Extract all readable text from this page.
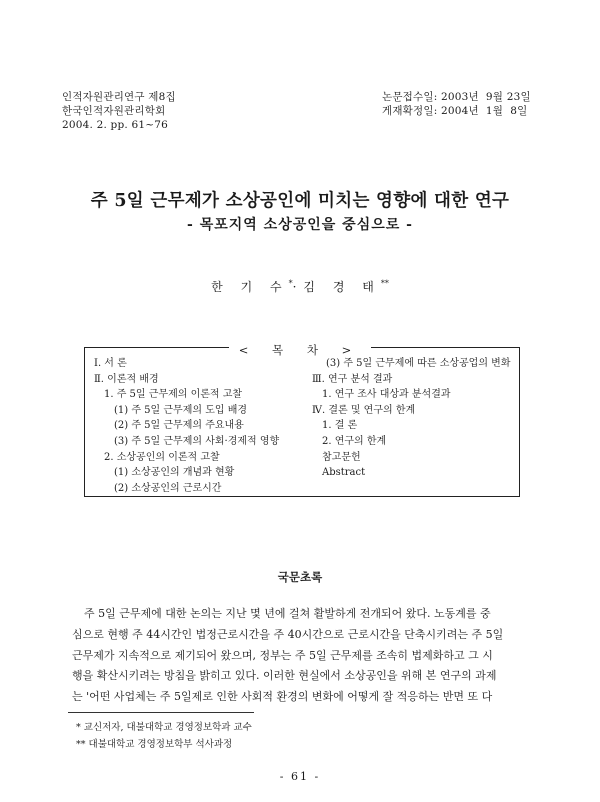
인적자원관리연구 제8집
한국인적자원관리학회
2004. 2. pp. 61~76
논문접수일: 2003년  9월 23일
게재확정일: 2004년  1월  8일
주 5일 근무제가 소상공인에 미치는 영향에 대한 연구
- 목포지역 소상공인을 중심으로 -
한 기 수*·김 경 태**
< 목 차 >
Ⅰ. 서 론
Ⅱ. 이론적 배경
1. 주 5일 근무제의 이론적 고찰
(1) 주 5일 근무제의 도입 배경
(2) 주 5일 근무제의 주요내용
(3) 주 5일 근무제의 사회·경제적 영향
2. 소상공인의 이론적 고찰
(1) 소상공인의 개념과 현황
(2) 소상공인의 근로시간
(3) 주 5일 근무제에 따른 소상공업의 변화
Ⅲ. 연구 분석 결과
1. 연구 조사 대상과 분석결과
Ⅳ. 결론 및 연구의 한계
1. 결 론
2. 연구의 한계
참고문헌
Abstract
국문초록
주 5일 근무제에 대한 논의는 지난 몇 년에 걸쳐 활발하게 전개되어 왔다. 노동계를 중
심으로 현행 주 44시간인 법정근로시간을 주 40시간으로 근로시간을 단축시키려는 주 5일
근무제가 지속적으로 제기되어 왔으며, 정부는 주 5일 근무제를 조속히 법제화하고 그 시
행을 확산시키려는 방침을 밝히고 있다. 이러한 현실에서 소상공인을 위해 본 연구의 과제
는 '어떤 사업체는 주 5일제로 인한 사회적 환경의 변화에 어떻게 잘 적응하는 반면 또 다
* 교신저자, 대불대학교 경영정보학과 교수
** 대불대학교 경영정보학부 석사과정
- 61 -
